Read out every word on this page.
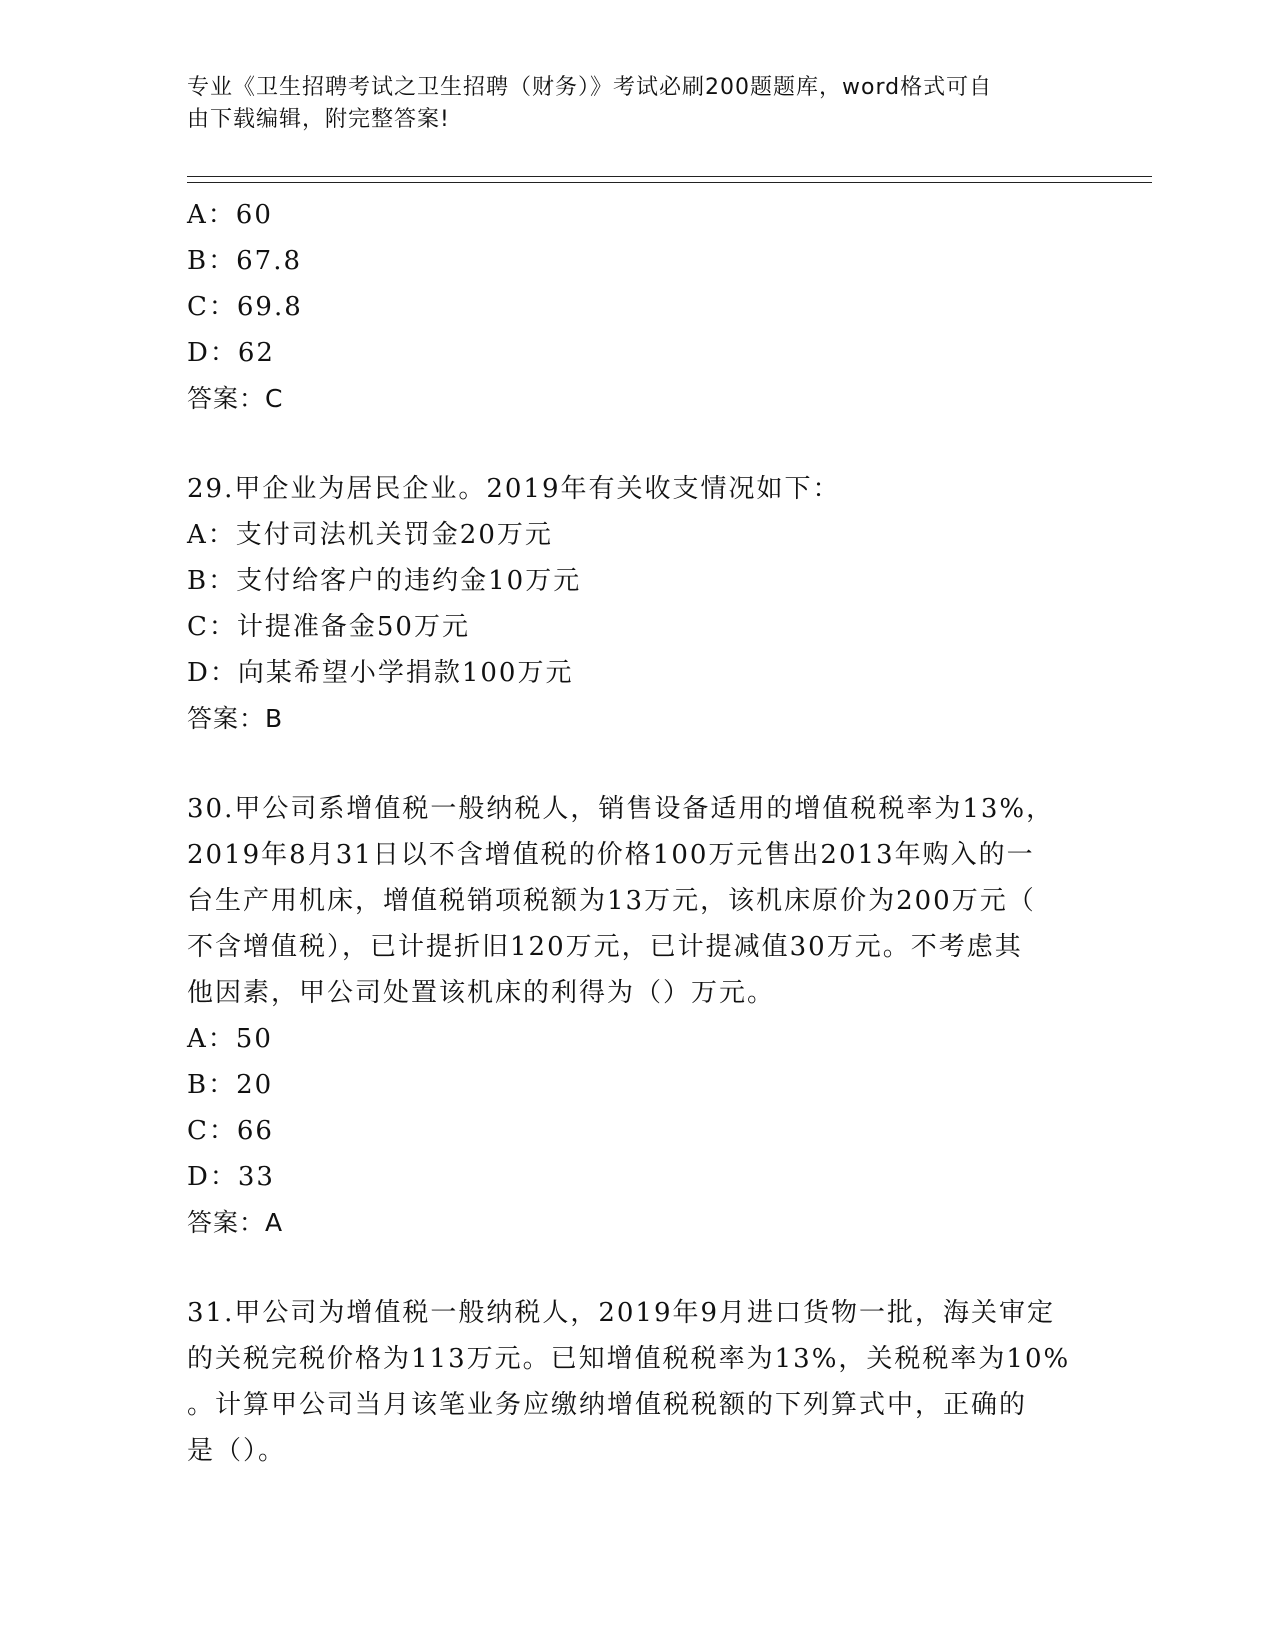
专业《卫生招聘考试之卫生招聘（财务）》考试必刷200题题库，word格式可自
由下载编辑，附完整答案!
A：60
B：67.8
C：69.8
D：62
答案：C
29.甲企业为居民企业。2019年有关收支情况如下：
A：支付司法机关罚金20万元
B：支付给客户的违约金10万元
C：计提准备金50万元
D：向某希望小学捐款100万元
答案：B
30.甲公司系增值税一般纳税人，销售设备适用的增值税税率为13%，
2019年8月31日以不含增值税的价格100万元售出2013年购入的一
台生产用机床，增值税销项税额为13万元，该机床原价为200万元（
不含增值税），已计提折旧120万元，已计提减值30万元。不考虑其
他因素，甲公司处置该机床的利得为（）万元。
A：50
B：20
C：66
D：33
答案：A
31.甲公司为增值税一般纳税人，2019年9月进口货物一批，海关审定
的关税完税价格为113万元。已知增值税税率为13%，关税税率为10%
。计算甲公司当月该笔业务应缴纳增值税税额的下列算式中，正确的
是（）。
